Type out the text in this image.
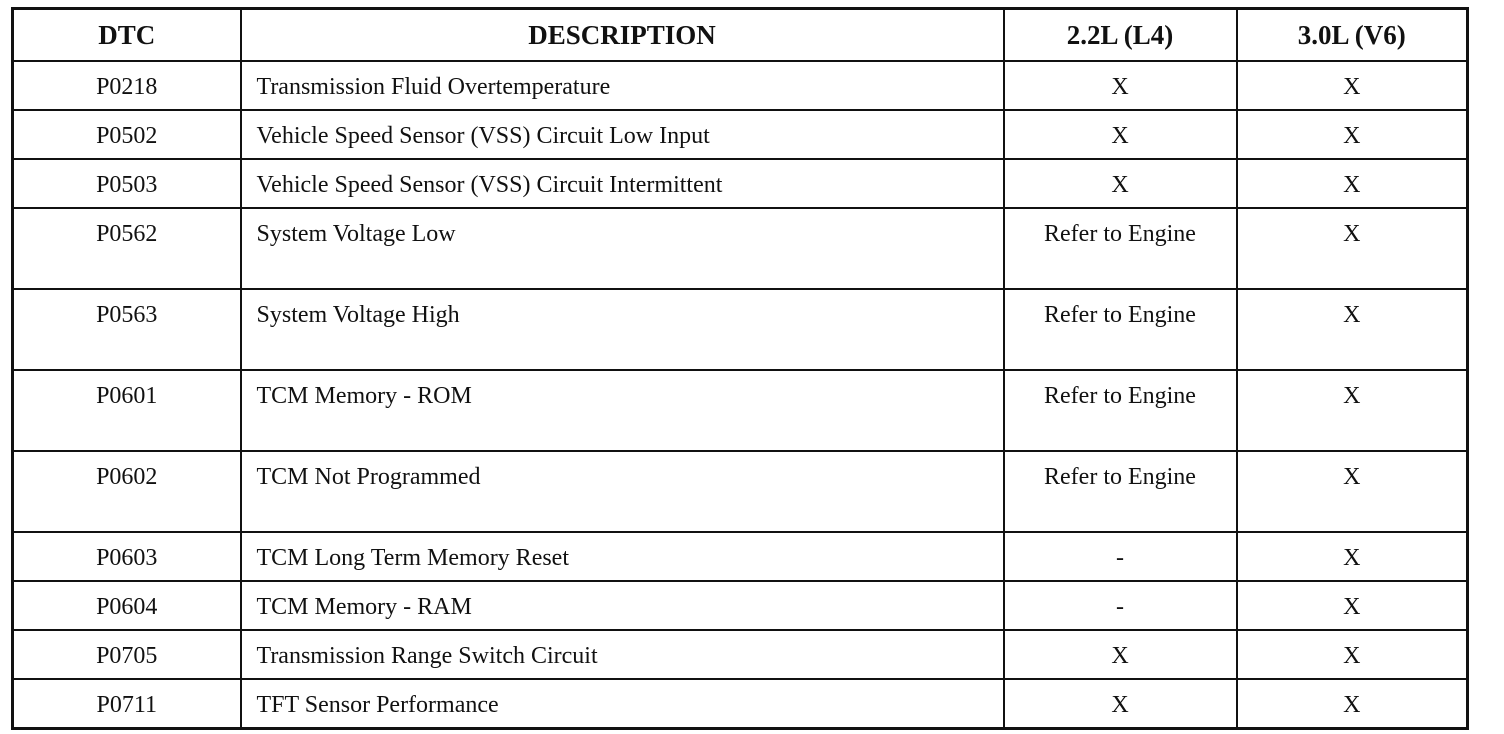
DTC	DESCRIPTION	2.2L (L4)	3.0L (V6)
P0218	Transmission Fluid Overtemperature	X	X
P0502	Vehicle Speed Sensor (VSS) Circuit Low Input	X	X
P0503	Vehicle Speed Sensor (VSS) Circuit Intermittent	X	X
P0562	System Voltage Low	Refer to Engine	X
P0563	System Voltage High	Refer to Engine	X
P0601	TCM Memory - ROM	Refer to Engine	X
P0602	TCM Not Programmed	Refer to Engine	X
P0603	TCM Long Term Memory Reset	-	X
P0604	TCM Memory - RAM	-	X
P0705	Transmission Range Switch Circuit	X	X
P0711	TFT Sensor Performance	X	X
